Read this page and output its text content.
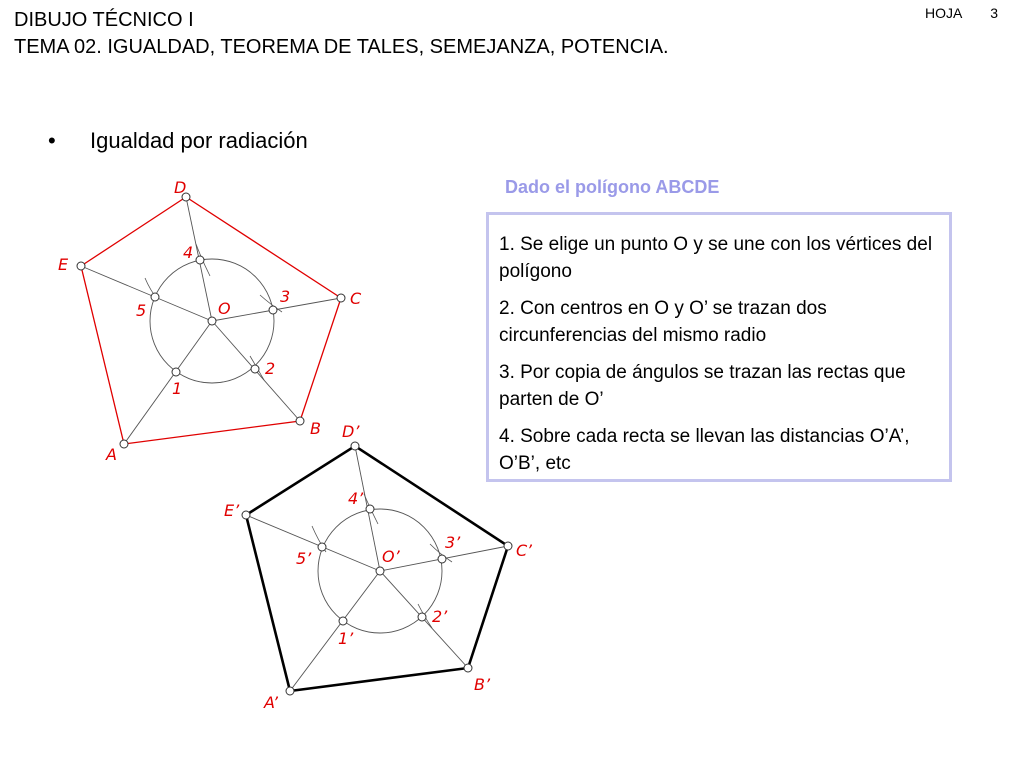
DIBUJO TÉCNICO I
TEMA 02. IGUALDAD, TEOREMA DE TALES, SEMEJANZA, POTENCIA.
HOJA 3
• Igualdad por radiación
Dado el polígono ABCDE
1. Se elige un punto O y se une con los vértices del polígono
2. Con centros en O y O’ se trazan dos circunferencias del mismo radio
3. Por copia de ángulos se trazan las rectas que parten de O’
4. Sobre cada recta se llevan las distancias O’A’, O’B’, etc
D
E
C
B
A
O
4
3
5
2
1
D’
E’
C’
B’
A’
O’
4’
3’
5’
2’
1’
